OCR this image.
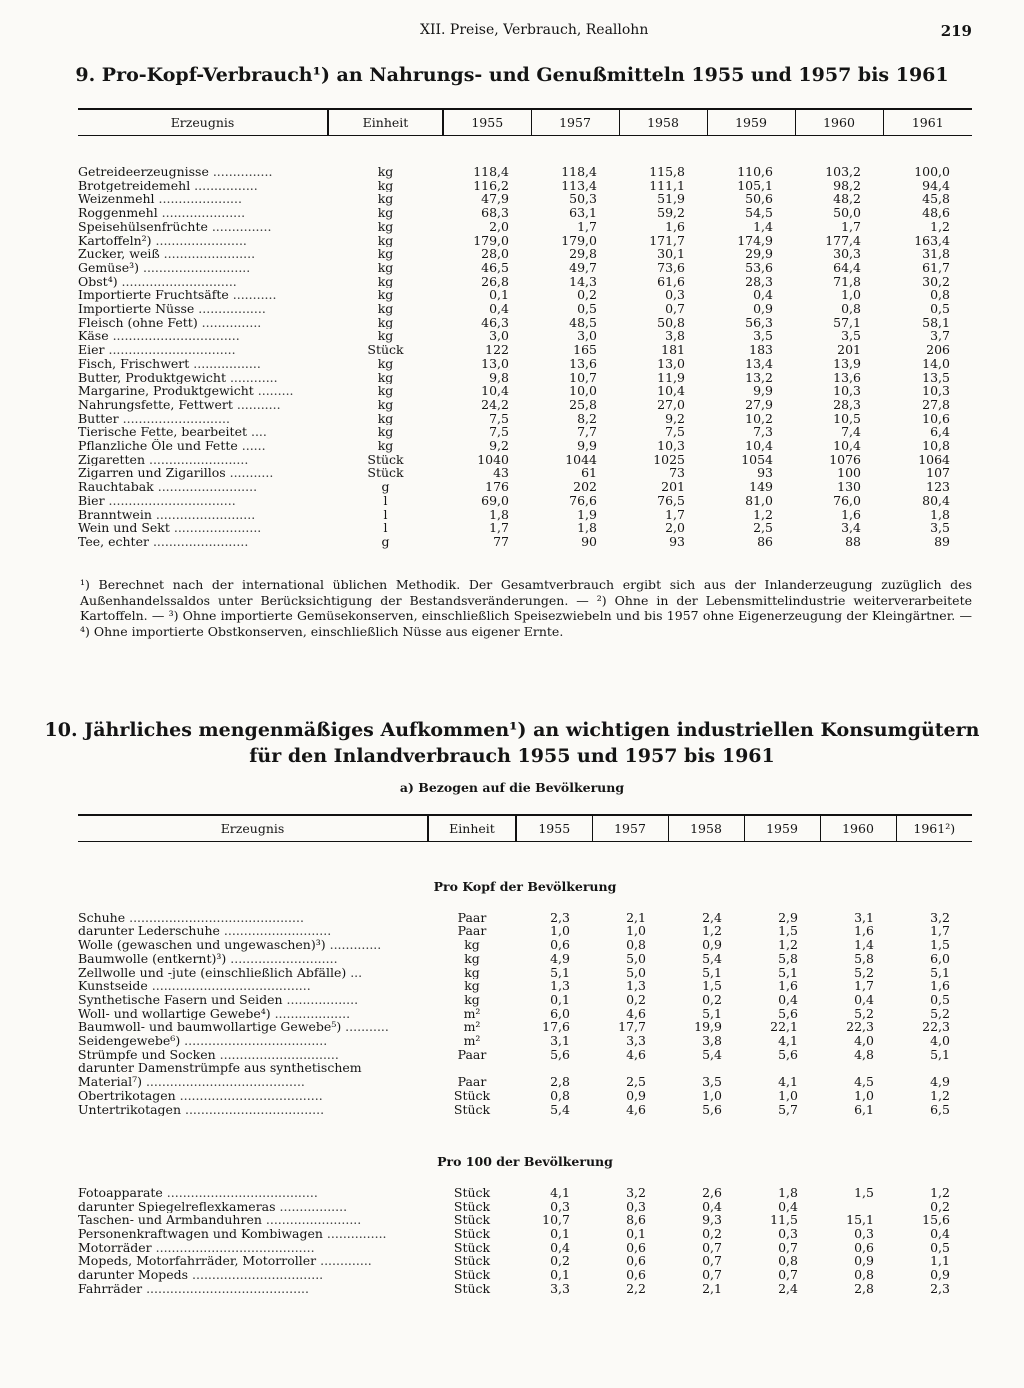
XII. Preise, Verbrauch, Reallohn	219
9. Pro-Kopf-Verbrauch¹) an Nahrungs- und Genußmitteln 1955 und 1957 bis 1961
Erzeugnis	Einheit	1955	1957	1958	1959	1960	1961

Getreideerzeugnisse ...............	kg	118,4	118,4	115,8	110,6	103,2	100,0
Brotgetreidemehl ................	kg	116,2	113,4	111,1	105,1	98,2	94,4
Weizenmehl .....................	kg	47,9	50,3	51,9	50,6	48,2	45,8
Roggenmehl .....................	kg	68,3	63,1	59,2	54,5	50,0	48,6
Speisehülsenfrüchte ...............	kg	2,0	1,7	1,6	1,4	1,7	1,2
Kartoffeln²) .......................	kg	179,0	179,0	171,7	174,9	177,4	163,4
Zucker, weiß .......................	kg	28,0	29,8	30,1	29,9	30,3	31,8
Gemüse³) ...........................	kg	46,5	49,7	73,6	53,6	64,4	61,7
Obst⁴) .............................	kg	26,8	14,3	61,6	28,3	71,8	30,2
Importierte Fruchtsäfte ...........	kg	0,1	0,2	0,3	0,4	1,0	0,8
Importierte Nüsse .................	kg	0,4	0,5	0,7	0,9	0,8	0,5
Fleisch (ohne Fett) ...............	kg	46,3	48,5	50,8	56,3	57,1	58,1
Käse ................................	kg	3,0	3,0	3,8	3,5	3,5	3,7
Eier ................................	Stück	122	165	181	183	201	206
Fisch, Frischwert .................	kg	13,0	13,6	13,0	13,4	13,9	14,0
Butter, Produktgewicht ............	kg	9,8	10,7	11,9	13,2	13,6	13,5
Margarine, Produktgewicht .........	kg	10,4	10,0	10,4	9,9	10,3	10,3
Nahrungsfette, Fettwert ...........	kg	24,2	25,8	27,0	27,9	28,3	27,8
Butter ...........................	kg	7,5	8,2	9,2	10,2	10,5	10,6
Tierische Fette, bearbeitet ....	kg	7,5	7,7	7,5	7,3	7,4	6,4
Pflanzliche Öle und Fette ......	kg	9,2	9,9	10,3	10,4	10,4	10,8
Zigaretten .........................	Stück	1040	1044	1025	1054	1076	1064
Zigarren und Zigarillos ...........	Stück	43	61	73	93	100	107
Rauchtabak .........................	g	176	202	201	149	130	123
Bier ................................	l	69,0	76,6	76,5	81,0	76,0	80,4
Branntwein .........................	l	1,8	1,9	1,7	1,2	1,6	1,8
Wein und Sekt ......................	l	1,7	1,8	2,0	2,5	3,4	3,5
Tee, echter ........................	g	77	90	93	86	88	89

¹) Berechnet nach der international üblichen Methodik. Der Gesamtverbrauch ergibt sich aus der Inlanderzeugung zuzüglich des Außenhandelssaldos unter Berücksichtigung der Bestandsveränderungen. — ²) Ohne in der Lebensmittelindustrie weiterverarbeitete Kartoffeln. — ³) Ohne importierte Gemüsekonserven, einschließlich Speisezwiebeln und bis 1957 ohne Eigenerzeugung der Kleingärtner. — ⁴) Ohne importierte Obstkonserven, einschließlich Nüsse aus eigener Ernte.

10. Jährliches mengenmäßiges Aufkommen¹) an wichtigen industriellen Konsumgütern
für den Inlandverbrauch 1955 und 1957 bis 1961

a) Bezogen auf die Bevölkerung

Erzeugnis	Einheit	1955	1957	1958	1959	1960	1961²)

Pro Kopf der Bevölkerung							

Schuhe ............................................	Paar	2,3	2,1	2,4	2,9	3,1	3,2
darunter Lederschuhe ...........................	Paar	1,0	1,0	1,2	1,5	1,6	1,7
Wolle (gewaschen und ungewaschen)³) .............	kg	0,6	0,8	0,9	1,2	1,4	1,5
Baumwolle (entkernt)³) ...........................	kg	4,9	5,0	5,4	5,8	5,8	6,0
Zellwolle und -jute (einschließlich Abfälle) ...	kg	5,1	5,0	5,1	5,1	5,2	5,1
Kunstseide ........................................	kg	1,3	1,3	1,5	1,6	1,7	1,6
Synthetische Fasern und Seiden ..................	kg	0,1	0,2	0,2	0,4	0,4	0,5
Woll- und wollartige Gewebe⁴) ...................	m²	6,0	4,6	5,1	5,6	5,2	5,2
Baumwoll- und baumwollartige Gewebe⁵) ...........	m²	17,6	17,7	19,9	22,1	22,3	22,3
Seidengewebe⁶) ....................................	m²	3,1	3,3	3,8	4,1	4,0	4,0
Strümpfe und Socken ..............................	Paar	5,6	4,6	5,4	5,6	4,8	5,1
darunter Damenstrümpfe aus synthetischem							
Material⁷) ........................................	Paar	2,8	2,5	3,5	4,1	4,5	4,9
Obertrikotagen ....................................	Stück	0,8	0,9	1,0	1,0	1,0	1,2
Untertrikotagen ...................................	Stück	5,4	4,6	5,6	5,7	6,1	6,5

Pro 100 der Bevölkerung							

Fotoapparate ......................................	Stück	4,1	3,2	2,6	1,8	1,5	1,2
darunter Spiegelreflexkameras .................	Stück	0,3	0,3	0,4	0,4		0,2
Taschen- und Armbanduhren ........................	Stück	10,7	8,6	9,3	11,5	15,1	15,6
Personenkraftwagen und Kombiwagen ...............	Stück	0,1	0,1	0,2	0,3	0,3	0,4
Motorräder ........................................	Stück	0,4	0,6	0,7	0,7	0,6	0,5
Mopeds, Motorfahrräder, Motorroller .............	Stück	0,2	0,6	0,7	0,8	0,9	1,1
darunter Mopeds .................................	Stück	0,1	0,6	0,7	0,7	0,8	0,9
Fahrräder .........................................	Stück	3,3	2,2	2,1	2,4	2,8	2,3
